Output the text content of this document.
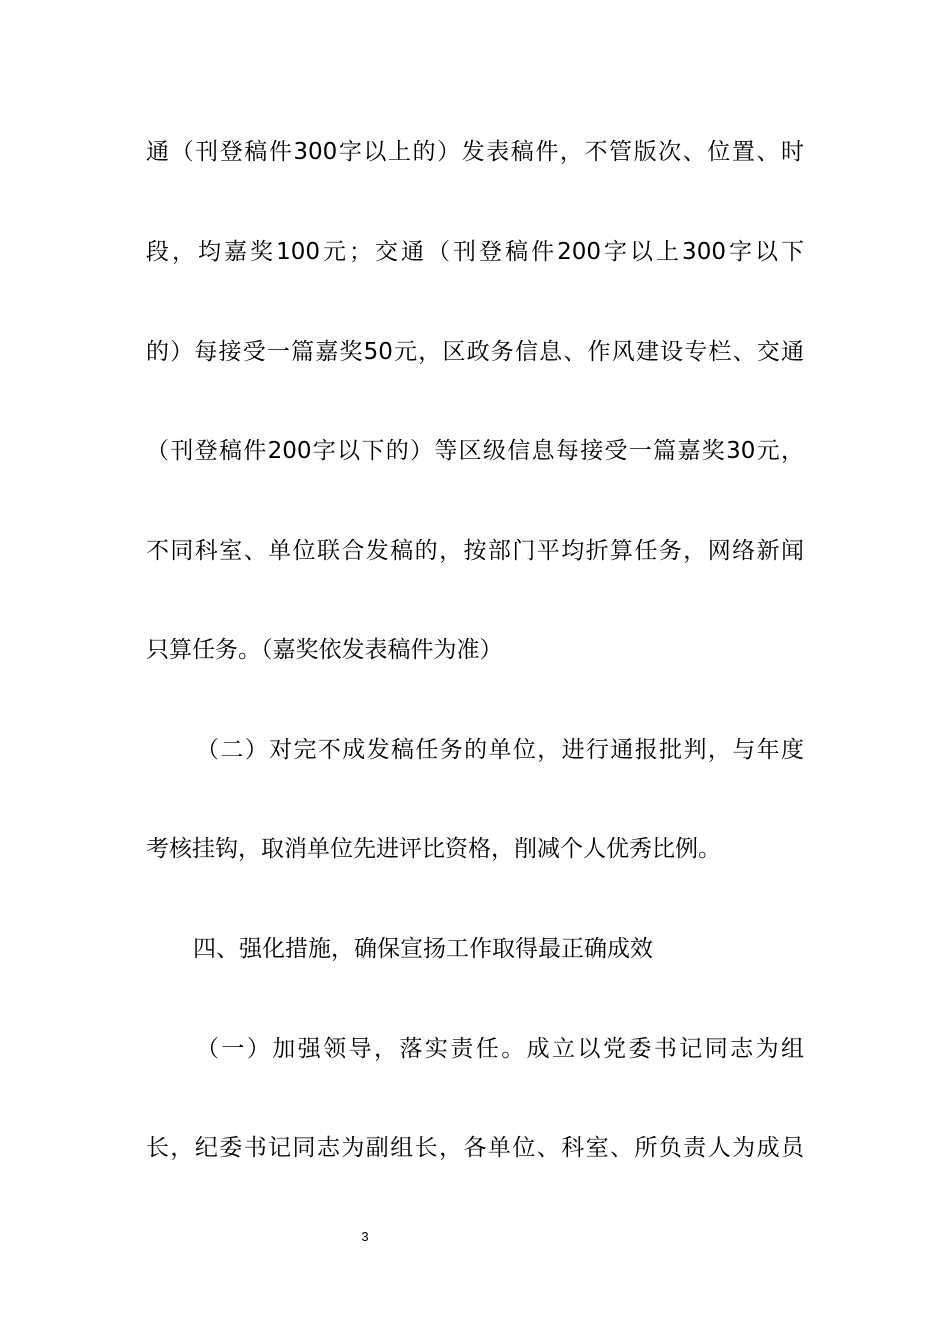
通（刊登稿件300字以上的）发表稿件，不管版次、位置、时
段，均嘉奖100元；交通（刊登稿件200字以上300字以下
的）每接受一篇嘉奖50元，区政务信息、作风建设专栏、交通
（刊登稿件200字以下的）等区级信息每接受一篇嘉奖30元，
不同科室、单位联合发稿的，按部门平均折算任务，网络新闻
只算任务。（嘉奖依发表稿件为准）
（二）对完不成发稿任务的单位，进行通报批判，与年度
考核挂钩，取消单位先进评比资格，削减个人优秀比例。
四、强化措施，确保宣扬工作取得最正确成效
（一）加强领导，落实责任。成立以党委书记同志为组
长，纪委书记同志为副组长，各单位、科室、所负责人为成员
3
